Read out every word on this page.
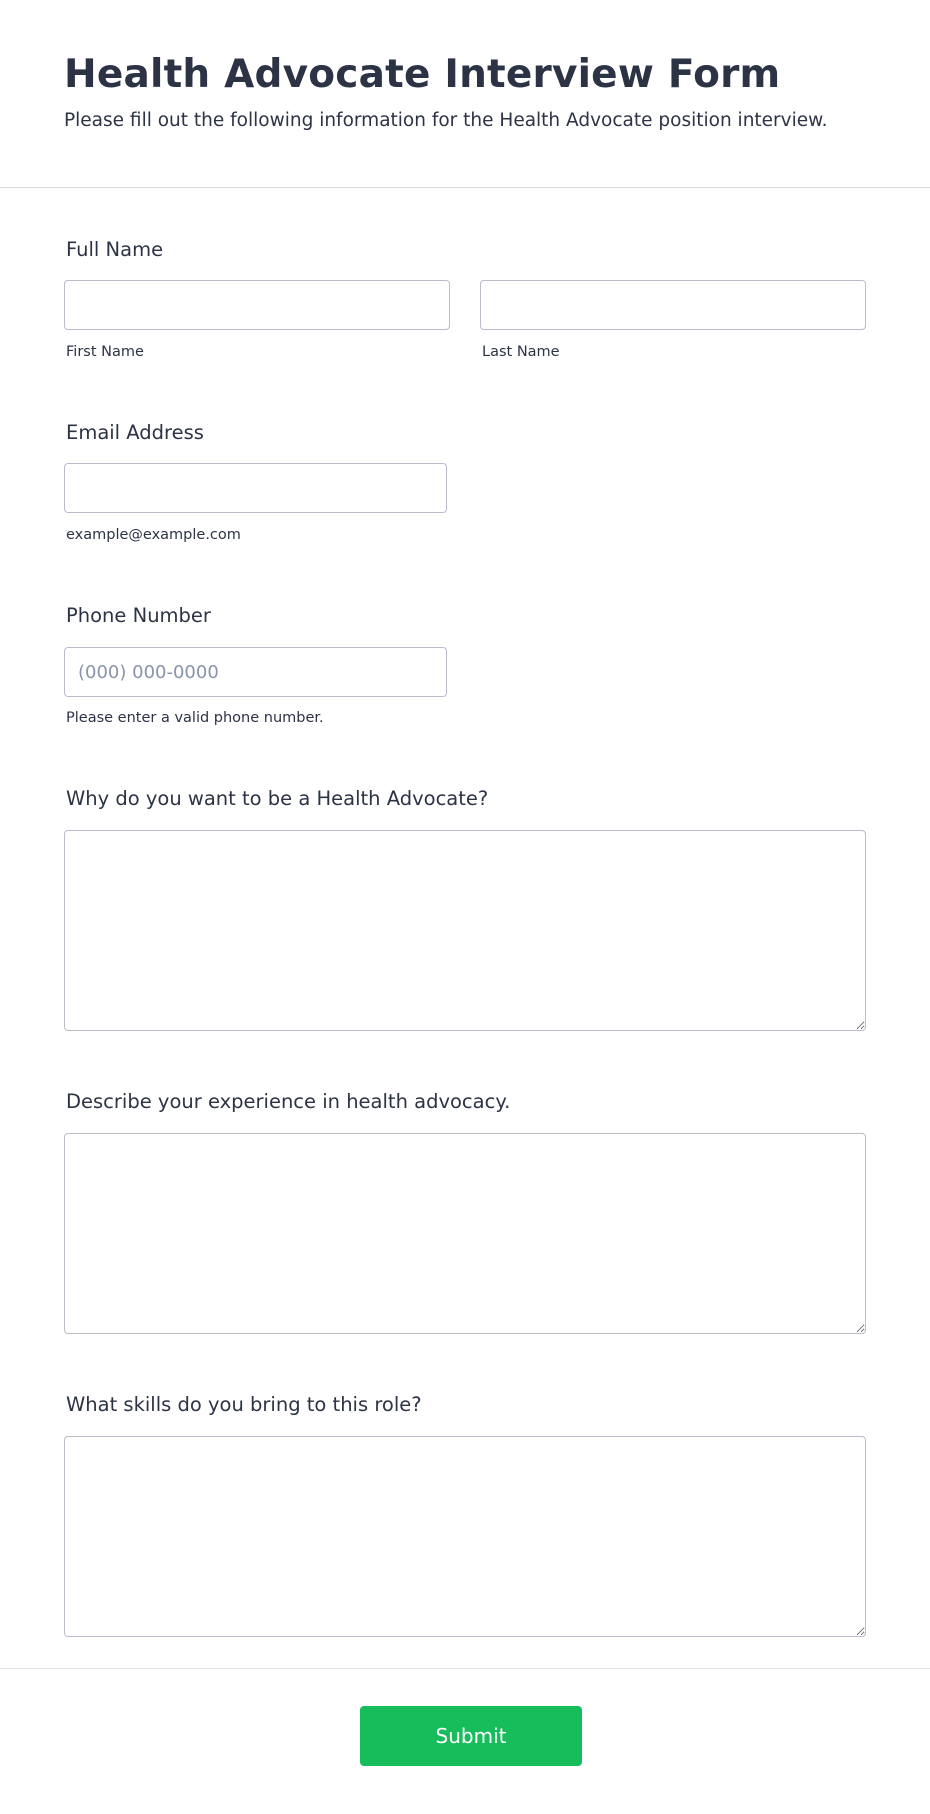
Health Advocate Interview Form

Please fill out the following information for the Health Advocate position interview.

Full Name
First Name	Last Name
Email Address
example@example.com
Phone Number
(000) 000-0000
Please enter a valid phone number.
Why do you want to be a Health Advocate?
Describe your experience in health advocacy.
What skills do you bring to this role?
Submit
